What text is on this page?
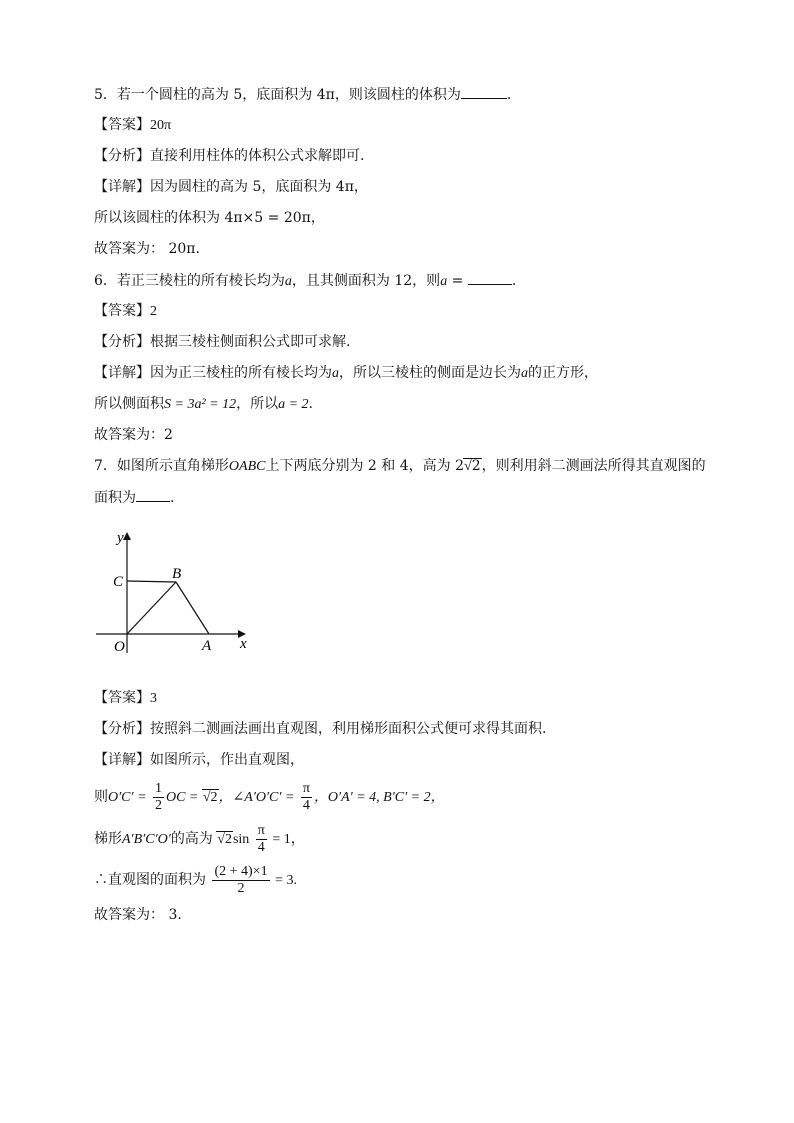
5．若一个圆柱的高为 5，底面积为 4π，则该圆柱的体积为	.
【答案】20π
【分析】直接利用柱体的体积公式求解即可.
【详解】因为圆柱的高为 5，底面积为 4π，
所以该圆柱的体积为 4π×5 = 20π，
故答案为： 20π.
6．若正三棱柱的所有棱长均为a，且其侧面积为 12，则a =	.
【答案】2
【分析】根据三棱柱侧面积公式即可求解.
【详解】因为正三棱柱的所有棱长均为a，所以三棱柱的侧面是边长为a的正方形，
所以侧面积S = 3a² = 12，所以a = 2.
故答案为：2
7．如图所示直角梯形OABC上下两底分别为 2 和 4，高为 2√2，则利用斜二测画法所得其直观图的
面积为 .
y
x
C	B
O	A
【答案】3
【分析】按照斜二测画法画出直观图，利用梯形面积公式便可求得其面积.
【详解】如图所示，作出直观图，
则$O'C' = \frac{1}{2}$ OC = √2，∠A′O′C′ = $\frac{\pi}{4}$ ，O′A′ = 4, B′C′ = 2，
梯形A′B′C′O′的高为 $√2\sin \frac{\pi}{4} = 1$，
∴直观图的面积为 $\frac{(2 + 4)\times 1}{2} = 3$.
故答案为： 3.
